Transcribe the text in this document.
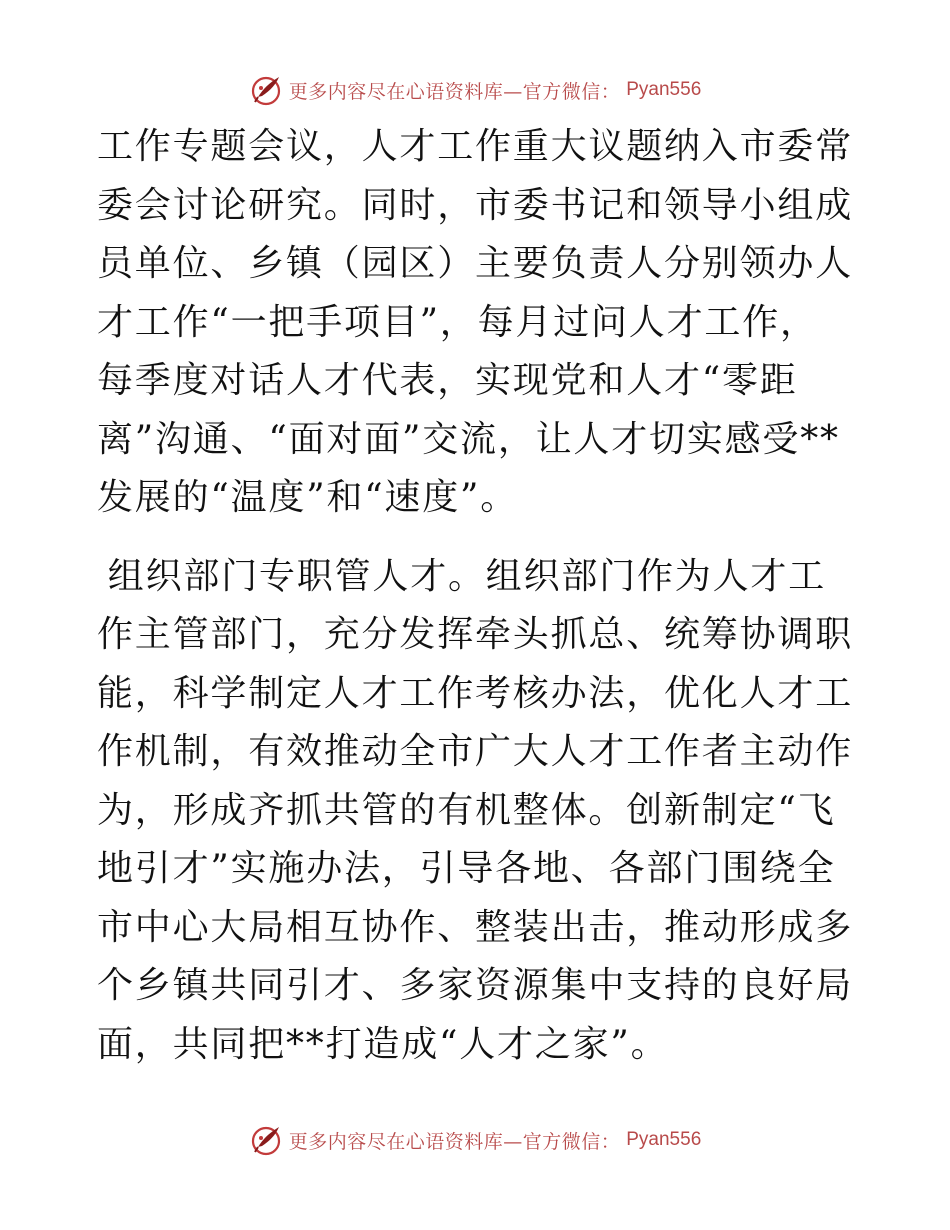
更多内容尽在心语资料库—官方微信： Pyan556

工作专题会议，人才工作重大议题纳入市委常委会讨论研究。同时，市委书记和领导小组成员单位、乡镇（园区）主要负责人分别领办人才工作“一把手项目”，每月过问人才工作，每季度对话人才代表，实现党和人才“零距离”沟通、“面对面”交流，让人才切实感受**发展的“温度”和“速度”。

组织部门专职管人才。组织部门作为人才工作主管部门，充分发挥牵头抓总、统筹协调职能，科学制定人才工作考核办法，优化人才工作机制，有效推动全市广大人才工作者主动作为，形成齐抓共管的有机整体。创新制定“飞地引才”实施办法，引导各地、各部门围绕全市中心大局相互协作、整装出击，推动形成多个乡镇共同引才、多家资源集中支持的良好局面，共同把**打造成“人才之家”。

更多内容尽在心语资料库—官方微信： Pyan556
